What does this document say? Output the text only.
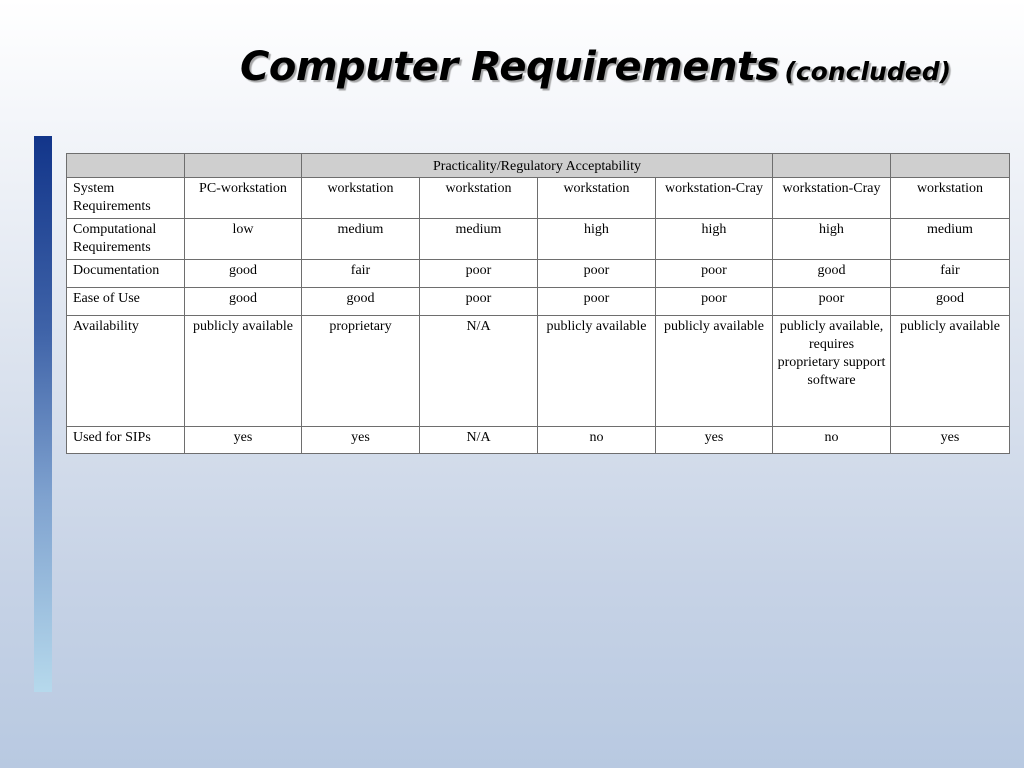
Computer Requirements (concluded)
		Practicality/Regulatory Acceptability					
System Requirements	PC-workstation	workstation	workstation	workstation	workstation-Cray	workstation-Cray	workstation
Computational Requirements	low	medium	medium	high	high	high	medium
Documentation	good	fair	poor	poor	poor	good	fair
Ease of Use	good	good	poor	poor	poor	poor	good
Availability	publicly available	proprietary	N/A	publicly available	publicly available	publicly available, requires proprietary support software	publicly available
Used for SIPs	yes	yes	N/A	no	yes	no	yes
